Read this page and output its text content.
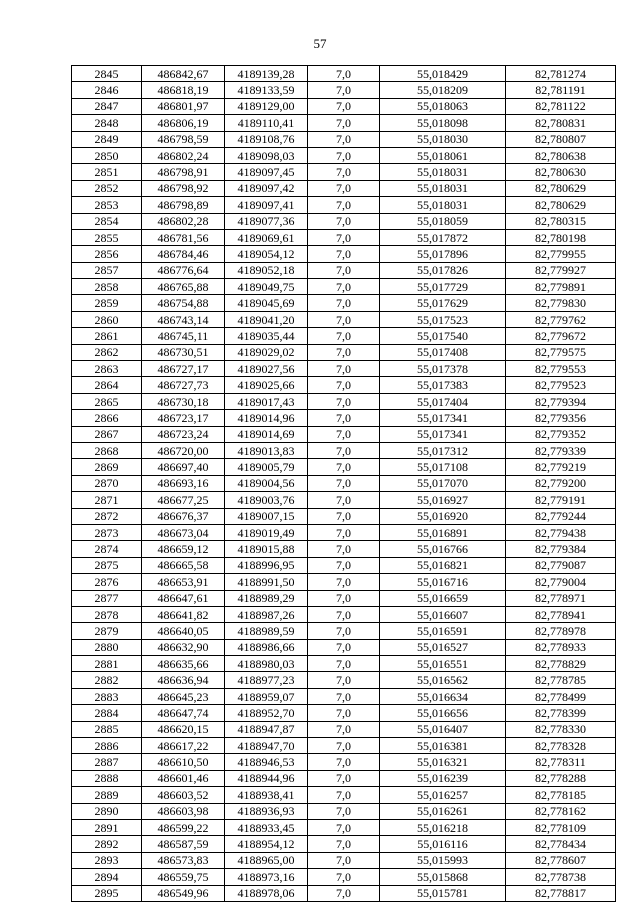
57
2845	486842,67	4189139,28	7,0	55,018429	82,781274
2846	486818,19	4189133,59	7,0	55,018209	82,781191
2847	486801,97	4189129,00	7,0	55,018063	82,781122
2848	486806,19	4189110,41	7,0	55,018098	82,780831
2849	486798,59	4189108,76	7,0	55,018030	82,780807
2850	486802,24	4189098,03	7,0	55,018061	82,780638
2851	486798,91	4189097,45	7,0	55,018031	82,780630
2852	486798,92	4189097,42	7,0	55,018031	82,780629
2853	486798,89	4189097,41	7,0	55,018031	82,780629
2854	486802,28	4189077,36	7,0	55,018059	82,780315
2855	486781,56	4189069,61	7,0	55,017872	82,780198
2856	486784,46	4189054,12	7,0	55,017896	82,779955
2857	486776,64	4189052,18	7,0	55,017826	82,779927
2858	486765,88	4189049,75	7,0	55,017729	82,779891
2859	486754,88	4189045,69	7,0	55,017629	82,779830
2860	486743,14	4189041,20	7,0	55,017523	82,779762
2861	486745,11	4189035,44	7,0	55,017540	82,779672
2862	486730,51	4189029,02	7,0	55,017408	82,779575
2863	486727,17	4189027,56	7,0	55,017378	82,779553
2864	486727,73	4189025,66	7,0	55,017383	82,779523
2865	486730,18	4189017,43	7,0	55,017404	82,779394
2866	486723,17	4189014,96	7,0	55,017341	82,779356
2867	486723,24	4189014,69	7,0	55,017341	82,779352
2868	486720,00	4189013,83	7,0	55,017312	82,779339
2869	486697,40	4189005,79	7,0	55,017108	82,779219
2870	486693,16	4189004,56	7,0	55,017070	82,779200
2871	486677,25	4189003,76	7,0	55,016927	82,779191
2872	486676,37	4189007,15	7,0	55,016920	82,779244
2873	486673,04	4189019,49	7,0	55,016891	82,779438
2874	486659,12	4189015,88	7,0	55,016766	82,779384
2875	486665,58	4188996,95	7,0	55,016821	82,779087
2876	486653,91	4188991,50	7,0	55,016716	82,779004
2877	486647,61	4188989,29	7,0	55,016659	82,778971
2878	486641,82	4188987,26	7,0	55,016607	82,778941
2879	486640,05	4188989,59	7,0	55,016591	82,778978
2880	486632,90	4188986,66	7,0	55,016527	82,778933
2881	486635,66	4188980,03	7,0	55,016551	82,778829
2882	486636,94	4188977,23	7,0	55,016562	82,778785
2883	486645,23	4188959,07	7,0	55,016634	82,778499
2884	486647,74	4188952,70	7,0	55,016656	82,778399
2885	486620,15	4188947,87	7,0	55,016407	82,778330
2886	486617,22	4188947,70	7,0	55,016381	82,778328
2887	486610,50	4188946,53	7,0	55,016321	82,778311
2888	486601,46	4188944,96	7,0	55,016239	82,778288
2889	486603,52	4188938,41	7,0	55,016257	82,778185
2890	486603,98	4188936,93	7,0	55,016261	82,778162
2891	486599,22	4188933,45	7,0	55,016218	82,778109
2892	486587,59	4188954,12	7,0	55,016116	82,778434
2893	486573,83	4188965,00	7,0	55,015993	82,778607
2894	486559,75	4188973,16	7,0	55,015868	82,778738
2895	486549,96	4188978,06	7,0	55,015781	82,778817
